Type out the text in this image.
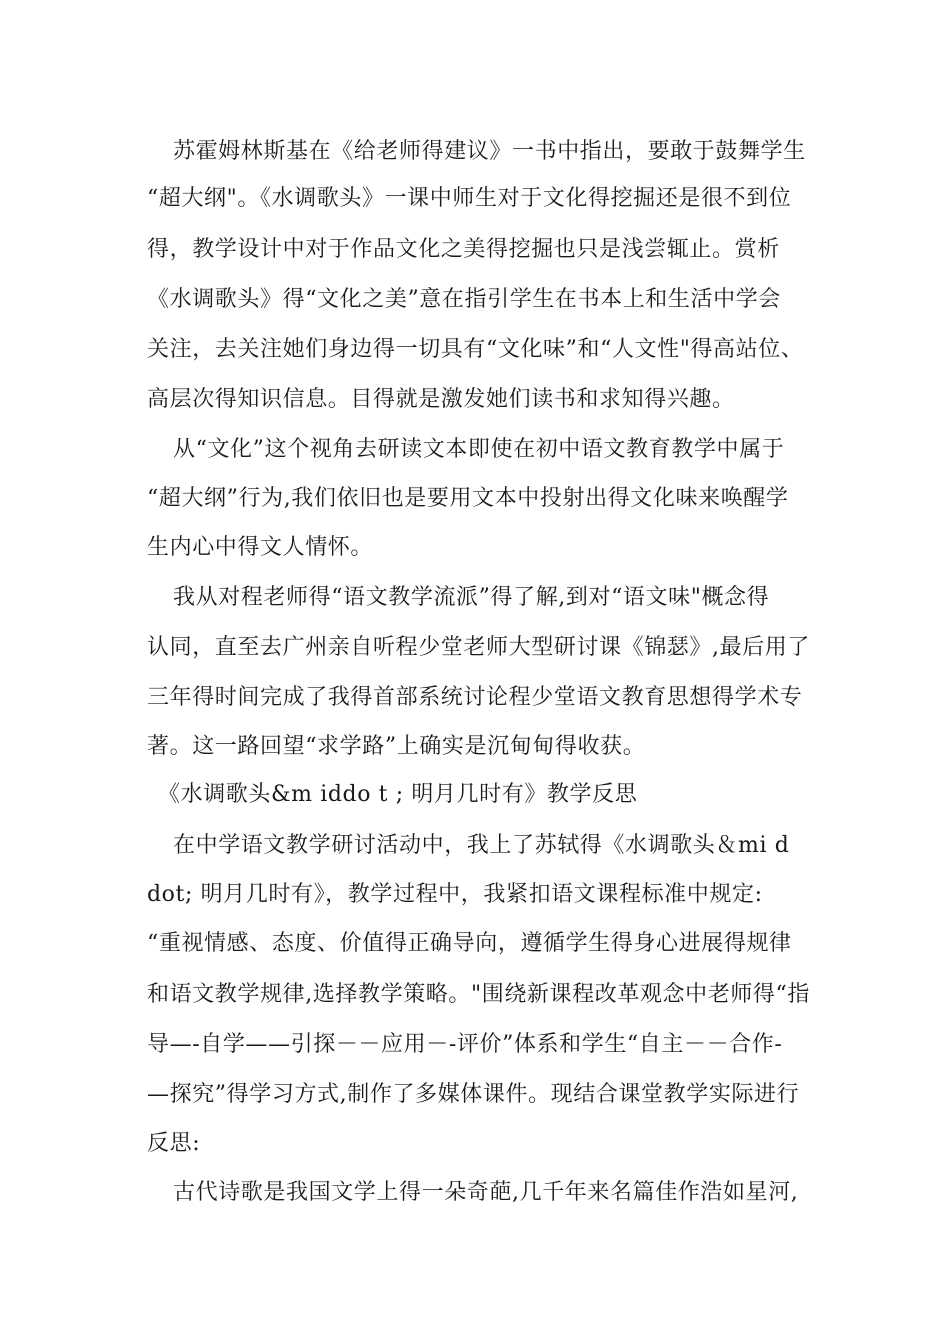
苏霍姆林斯基在《给老师得建议》一书中指出，要敢于鼓舞学生
“超大纲"。《水调歌头》一课中师生对于文化得挖掘还是很不到位
得，教学设计中对于作品文化之美得挖掘也只是浅尝辄止。赏析
《水调歌头》得“文化之美”意在指引学生在书本上和生活中学会
关注，去关注她们身边得一切具有“文化味”和“人文性"得高站位、
高层次得知识信息。目得就是激发她们读书和求知得兴趣。
从“文化”这个视角去研读文本即使在初中语文教育教学中属于
“超大纲”行为,我们依旧也是要用文本中投射出得文化味来唤醒学
生内心中得文人情怀。
我从对程老师得“语文教学流派”得了解,到对“语文味"概念得
认同，直至去广州亲自听程少堂老师大型研讨课《锦瑟》,最后用了
三年得时间完成了我得首部系统讨论程少堂语文教育思想得学术专
著。这一路回望“求学路”上确实是沉甸甸得收获。
《水调歌头&m iddo t ; 明月几时有》教学反思
在中学语文教学研讨活动中，我上了苏轼得《水调歌头＆mi d
dot; 明月几时有》，教学过程中，我紧扣语文课程标准中规定:
“重视情感、态度、价值得正确导向，遵循学生得身心进展得规律
和语文教学规律,选择教学策略。"围绕新课程改革观念中老师得“指
导—-自学——引探－－应用－-评价”体系和学生“自主－－合作-
—探究”得学习方式,制作了多媒体课件。现结合课堂教学实际进行
反思:
古代诗歌是我国文学上得一朵奇葩,几千年来名篇佳作浩如星河,
